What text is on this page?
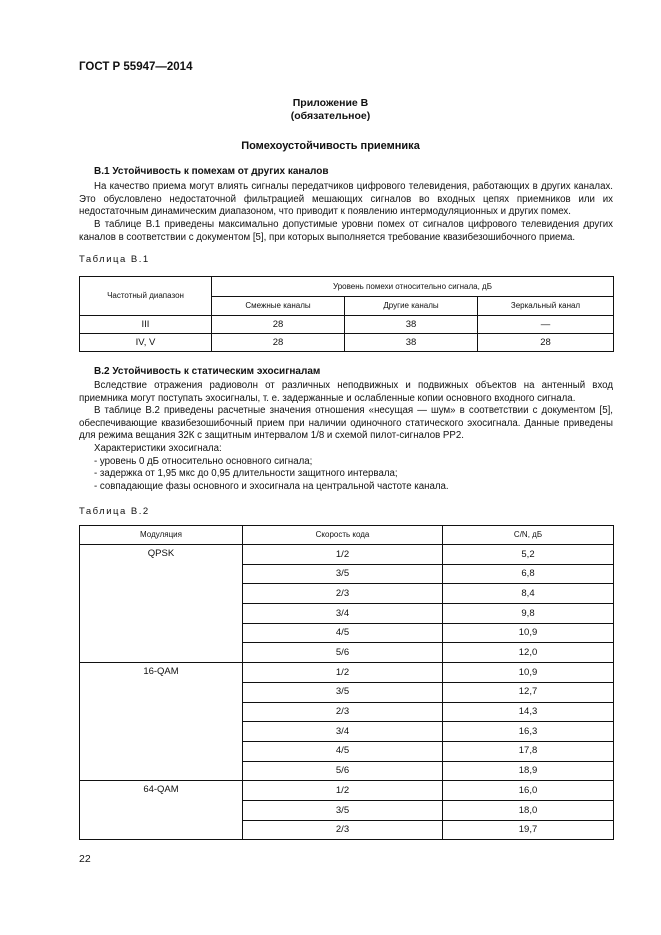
ГОСТ Р 55947—2014
Приложение В
(обязательное)
Помехоустойчивость приемника
В.1 Устойчивость к помехам от других каналов
На качество приема могут влиять сигналы передатчиков цифрового телевидения, работающих в других каналах. Это обусловлено недостаточной фильтрацией мешающих сигналов во входных цепях приемников или их недостаточным динамическим диапазоном, что приводит к появлению интермодуляционных и других помех.
В таблице В.1 приведены максимально допустимые уровни помех от сигналов цифрового телевидения других каналов в соответствии с документом [5], при которых выполняется требование квазибезошибочного приема.
Таблица В.1
Частотный диапазон	Уровень помехи относительно сигнала, дБ		
	Смежные каналы	Другие каналы	Зеркальный канал
III	28	38	—
IV, V	28	38	28
В.2 Устойчивость к статическим эхосигналам
Вследствие отражения радиоволн от различных неподвижных и подвижных объектов на антенный вход приемника могут поступать эхосигналы, т. е. задержанные и ослабленные копии основного входного сигнала.
В таблице В.2 приведены расчетные значения отношения «несущая — шум» в соответствии с документом [5], обеспечивающие квазибезошибочный прием при наличии одиночного статического эхосигнала. Данные приведены для режима вещания 32К с защитным интервалом 1/8 и схемой пилот-сигналов PP2.
Характеристики эхосигнала:
- уровень 0 дБ относительно основного сигнала;
- задержка от 1,95 мкс до 0,95 длительности защитного интервала;
- совпадающие фазы основного и эхосигнала на центральной частоте канала.
Таблица В.2
Модуляция	Скорость кода	C/N, дБ
QPSK	1/2	5,2
	3/5	6,8
	2/3	8,4
	3/4	9,8
	4/5	10,9
	5/6	12,0
16-QAM	1/2	10,9
	3/5	12,7
	2/3	14,3
	3/4	16,3
	4/5	17,8
	5/6	18,9
64-QAM	1/2	16,0
	3/5	18,0
	2/3	19,7
22
